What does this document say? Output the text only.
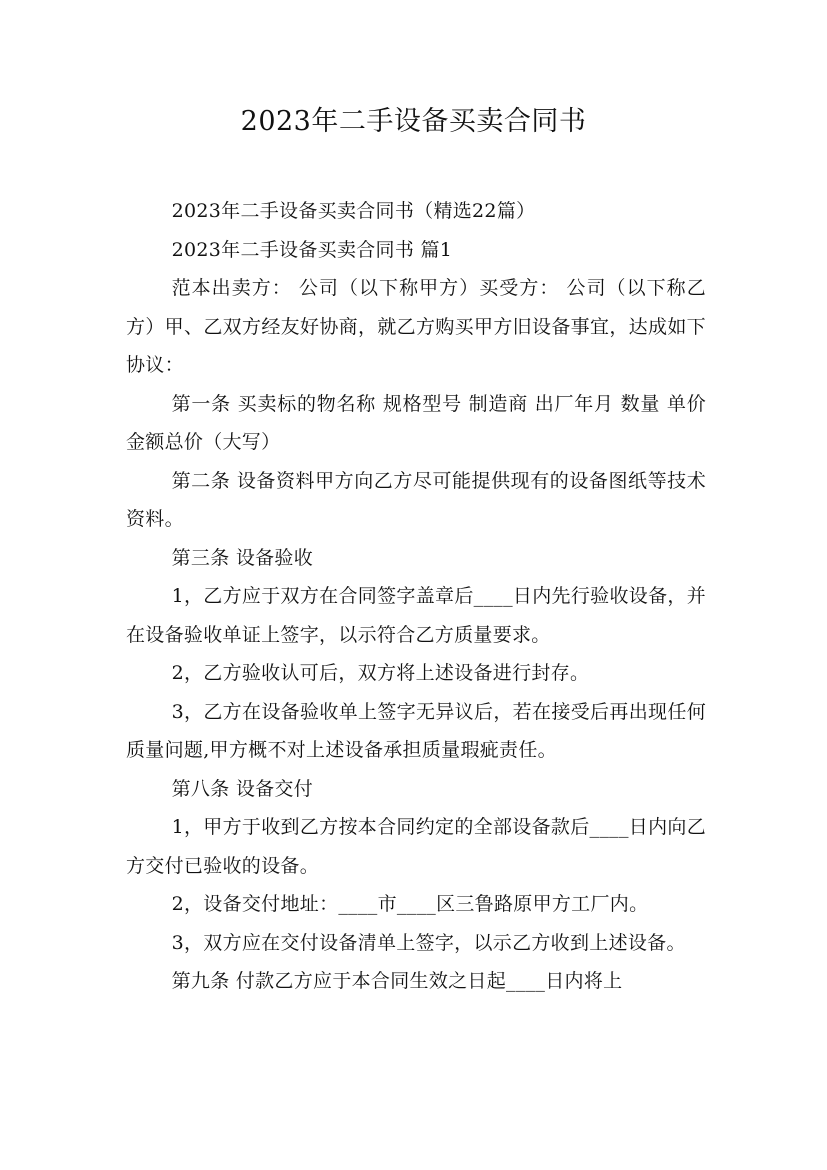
2023年二手设备买卖合同书

2023年二手设备买卖合同书（精选22篇）

2023年二手设备买卖合同书 篇1

范本出卖方： 公司（以下称甲方）买受方： 公司（以下称乙方）甲、乙双方经友好协商，就乙方购买甲方旧设备事宜，达成如下协议：

第一条 买卖标的物名称 规格型号 制造商 出厂年月 数量 单价 金额总价（大写）

第二条 设备资料甲方向乙方尽可能提供现有的设备图纸等技术资料。

第三条 设备验收

1，乙方应于双方在合同签字盖章后____日内先行验收设备，并在设备验收单证上签字，以示符合乙方质量要求。

2，乙方验收认可后，双方将上述设备进行封存。

3，乙方在设备验收单上签字无异议后，若在接受后再出现任何质量问题,甲方概不对上述设备承担质量瑕疵责任。

第八条 设备交付

1，甲方于收到乙方按本合同约定的全部设备款后____日内向乙方交付已验收的设备。

2，设备交付地址：____市____区三鲁路原甲方工厂内。

3，双方应在交付设备清单上签字，以示乙方收到上述设备。

第九条 付款乙方应于本合同生效之日起____日内将上
